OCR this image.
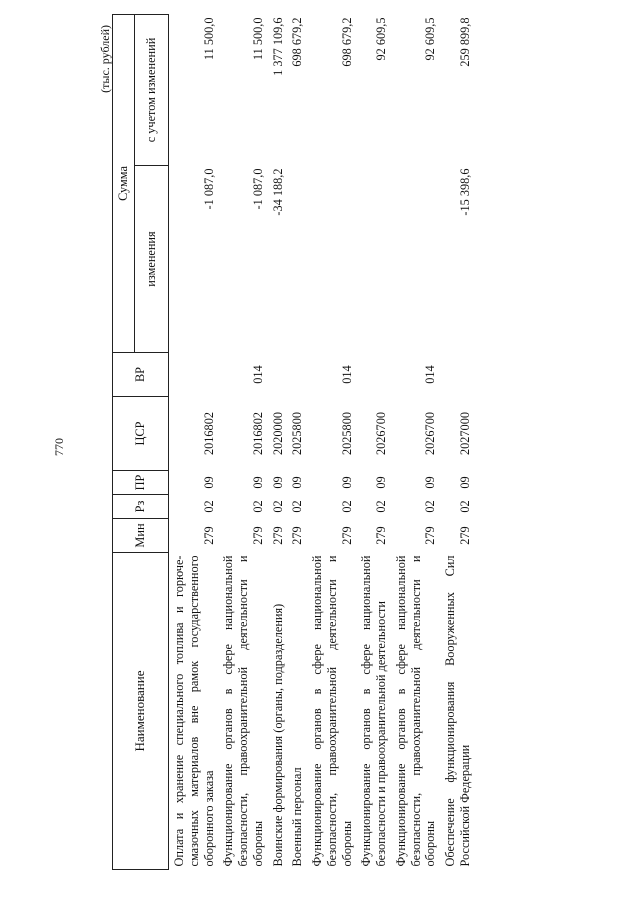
770
(тыс. рублей)
Наименование	Мин	Рз	ПР	ЦСР	ВР	Сумма	
						изменения	с учетом изменений
Оплата и хранение специального топлива и горюче-смазочных материалов вне рамок государственного оборонного заказа	279	02	09	2016802		-1 087,0	11 500,0
Функционирование органов в сфере национальной безопасности, правоохранительной деятельности и обороны	279	02	09	2016802	014	-1 087,0	11 500,0
Воинские формирования (органы, подразделения)	279	02	09	2020000		-34 188,2	1 377 109,6
Военный персонал	279	02	09	2025800			698 679,2
Функционирование органов в сфере национальной безопасности, правоохранительной деятельности и обороны	279	02	09	2025800	014		698 679,2
Функционирование органов в сфере национальной безопасности и правоохранительной деятельности	279	02	09	2026700			92 609,5
Функционирование органов в сфере национальной безопасности, правоохранительной деятельности и обороны	279	02	09	2026700	014		92 609,5
Обеспечение функционирования Вооруженных Сил Российской Федерации	279	02	09	2027000		-15 398,6	259 899,8
